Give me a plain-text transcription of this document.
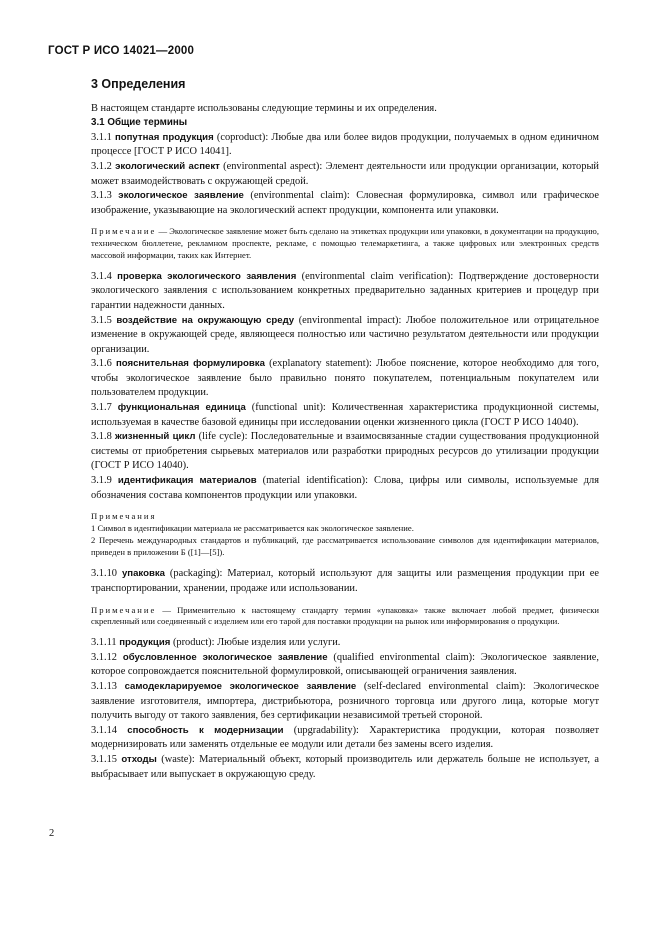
ГОСТ Р ИСО 14021—2000
3 Определения

В настоящем стандарте использованы следующие термины и их определения.

3.1 Общие термины

3.1.1 попутная продукция (coproduct): Любые два или более видов продукции, получаемых в одном единичном процессе [ГОСТ Р ИСО 14041].

3.1.2 экологический аспект (environmental aspect): Элемент деятельности или продукции организации, который может взаимодействовать с окружающей средой.

3.1.3 экологическое заявление (environmental claim): Словесная формулировка, символ или графическое изображение, указывающие на экологический аспект продукции, компонента или упаковки.

Примечание — Экологическое заявление может быть сделано на этикетках продукции или упаковки, в документации на продукцию, техническом бюллетене, рекламном проспекте, рекламе, с помощью телемаркетинга, а также цифровых или электронных средств массовой информации, таких как Интернет.

3.1.4 проверка экологического заявления (environmental claim verification): Подтверждение достоверности экологического заявления с использованием конкретных предварительно заданных критериев и процедур при гарантии надежности данных.

3.1.5 воздействие на окружающую среду (environmental impact): Любое положительное или отрицательное изменение в окружающей среде, являющееся полностью или частично результатом деятельности или продукции организации.

3.1.6 пояснительная формулировка (explanatory statement): Любое пояснение, которое необходимо для того, чтобы экологическое заявление было правильно понято покупателем, потенциальным покупателем или пользователем продукции.

3.1.7 функциональная единица (functional unit): Количественная характеристика продукционной системы, используемая в качестве базовой единицы при исследовании оценки жизненного цикла (ГОСТ Р ИСО 14040).

3.1.8 жизненный цикл (life cycle): Последовательные и взаимосвязанные стадии существования продукционной системы от приобретения сырьевых материалов или разработки природных ресурсов до утилизации продукции (ГОСТ Р ИСО 14040).

3.1.9 идентификация материалов (material identification): Слова, цифры или символы, используемые для обозначения состава компонентов продукции или упаковки.

Примечания
1 Символ в идентификации материала не рассматривается как экологическое заявление.
2 Перечень международных стандартов и публикаций, где рассматривается использование символов для идентификации материалов, приведен в приложении Б ([1]—[5]).

3.1.10 упаковка (packaging): Материал, который используют для защиты или размещения продукции при ее транспортировании, хранении, продаже или использовании.

Примечание — Применительно к настоящему стандарту термин «упаковка» также включает любой предмет, физически скрепленный или соединенный с изделием или его тарой для поставки продукции на рынок или информирования о продукции.

3.1.11 продукция (product): Любые изделия или услуги.

3.1.12 обусловленное экологическое заявление (qualified environmental claim): Экологическое заявление, которое сопровождается пояснительной формулировкой, описывающей ограничения заявления.

3.1.13 самодекларируемое экологическое заявление (self-declared environmental claim): Экологическое заявление изготовителя, импортера, дистрибьютора, розничного торговца или другого лица, которые могут получить выгоду от такого заявления, без сертификации независимой третьей стороной.

3.1.14 способность к модернизации (upgradability): Характеристика продукции, которая позволяет модернизировать или заменять отдельные ее модули или детали без замены всего изделия.

3.1.15 отходы (waste): Материальный объект, который производитель или держатель больше не использует, а выбрасывает или выпускает в окружающую среду.

2
